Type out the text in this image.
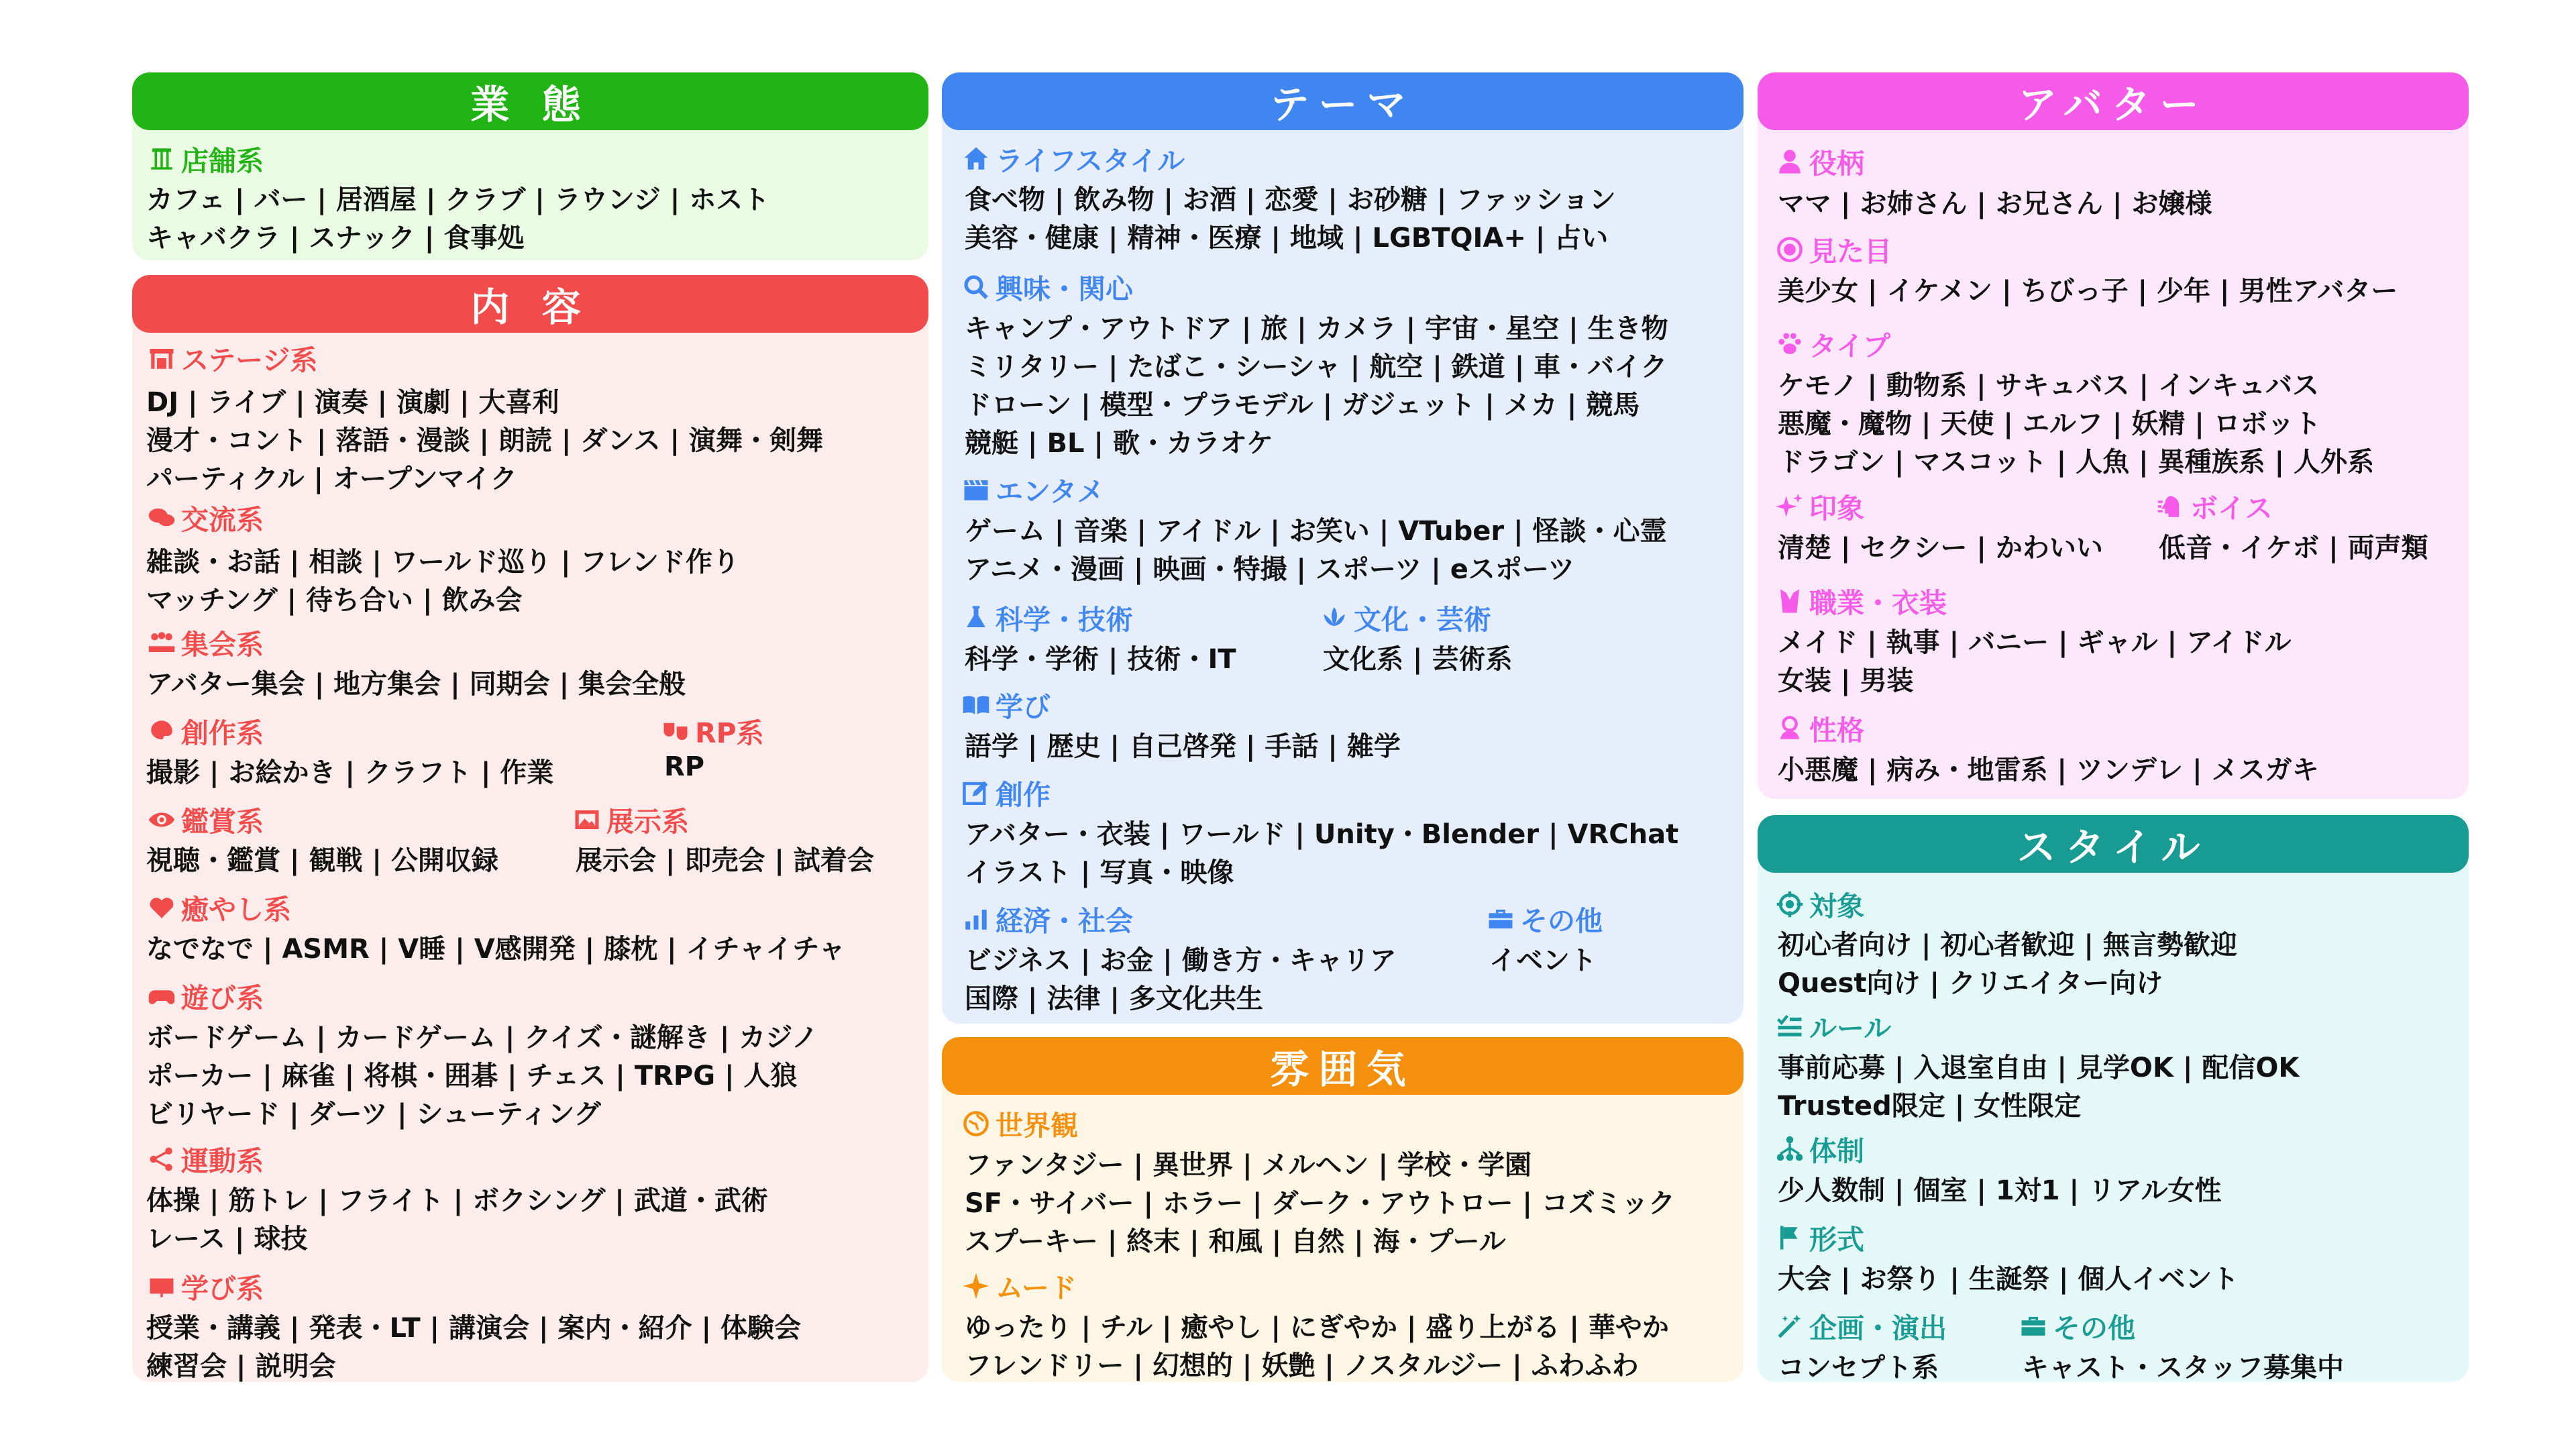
業 態
店舗系
カフェ | バー | 居酒屋 | クラブ | ラウンジ | ホスト
キャバクラ | スナック | 食事処
内 容
ステージ系
DJ | ライブ | 演奏 | 演劇 | 大喜利
漫才・コント | 落語・漫談 | 朗読 | ダンス | 演舞・剣舞
パーティクル | オープンマイク
交流系
雑談・お話 | 相談 | ワールド巡り | フレンド作り
マッチング | 待ち合い | 飲み会
集会系
アバター集会 | 地方集会 | 同期会 | 集会全般
創作系
撮影 | お絵かき | クラフト | 作業
RP系
RP
鑑賞系
視聴・鑑賞 | 観戦 | 公開収録
展示系
展示会 | 即売会 | 試着会
癒やし系
なでなで | ASMR | V睡 | V感開発 | 膝枕 | イチャイチャ
遊び系
ボードゲーム | カードゲーム | クイズ・謎解き | カジノ
ポーカー | 麻雀 | 将棋・囲碁 | チェス | TRPG | 人狼
ビリヤード | ダーツ | シューティング
運動系
体操 | 筋トレ | フライト | ボクシング | 武道・武術
レース | 球技
学び系
授業・講義 | 発表・LT | 講演会 | 案内・紹介 | 体験会
練習会 | 説明会
テーマ
ライフスタイル
食べ物 | 飲み物 | お酒 | 恋愛 | お砂糖 | ファッション
美容・健康 | 精神・医療 | 地域 | LGBTQIA+ | 占い
興味・関心
キャンプ・アウトドア | 旅 | カメラ | 宇宙・星空 | 生き物
ミリタリー | たばこ・シーシャ | 航空 | 鉄道 | 車・バイク
ドローン | 模型・プラモデル | ガジェット | メカ | 競馬
競艇 | BL | 歌・カラオケ
エンタメ
ゲーム | 音楽 | アイドル | お笑い | VTuber | 怪談・心霊
アニメ・漫画 | 映画・特撮 | スポーツ | eスポーツ
科学・技術
科学・学術 | 技術・IT
文化・芸術
文化系 | 芸術系
学び
語学 | 歴史 | 自己啓発 | 手話 | 雑学
創作
アバター・衣装 | ワールド | Unity・Blender | VRChat
イラスト | 写真・映像
経済・社会
ビジネス | お金 | 働き方・キャリア
国際 | 法律 | 多文化共生
その他
イベント
雰囲気
世界観
ファンタジー | 異世界 | メルヘン | 学校・学園
SF・サイバー | ホラー | ダーク・アウトロー | コズミック
スプーキー | 終末 | 和風 | 自然 | 海・プール
ムード
ゆったり | チル | 癒やし | にぎやか | 盛り上がる | 華やか
フレンドリー | 幻想的 | 妖艶 | ノスタルジー | ふわふわ
アバター
役柄
ママ | お姉さん | お兄さん | お嬢様
見た目
美少女 | イケメン | ちびっ子 | 少年 | 男性アバター
タイプ
ケモノ | 動物系 | サキュバス | インキュバス
悪魔・魔物 | 天使 | エルフ | 妖精 | ロボット
ドラゴン | マスコット | 人魚 | 異種族系 | 人外系
印象
清楚 | セクシー | かわいい
ボイス
低音・イケボ | 両声類
職業・衣装
メイド | 執事 | バニー | ギャル | アイドル
女装 | 男装
性格
小悪魔 | 病み・地雷系 | ツンデレ | メスガキ
スタイル
対象
初心者向け | 初心者歓迎 | 無言勢歓迎
Quest向け | クリエイター向け
ルール
事前応募 | 入退室自由 | 見学OK | 配信OK
Trusted限定 | 女性限定
体制
少人数制 | 個室 | 1対1 | リアル女性
形式
大会 | お祭り | 生誕祭 | 個人イベント
企画・演出
コンセプト系
その他
キャスト・スタッフ募集中
